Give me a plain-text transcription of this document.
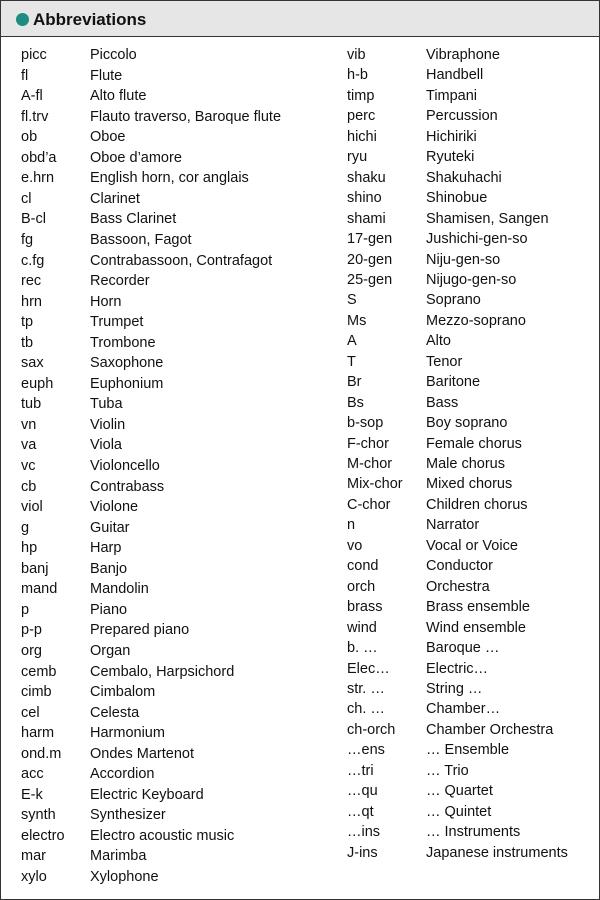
Abbreviations
picc	Piccolo
fl	Flute
A-fl	Alto flute
fl.trv	Flauto traverso, Baroque flute
ob	Oboe
obd’a Oboe d’amore
e.hrn English horn, cor anglais
cl	Clarinet
B-cl	Bass Clarinet
fg	Bassoon, Fagot
c.fg	Contrabassoon, Contrafagot
rec	Recorder
hrn	Horn
tp	Trumpet
tb	Trombone
sax	Saxophone
euph	Euphonium
tub	Tuba
vn	Violin
va	Viola
vc	Violoncello
cb	Contrabass
viol	Violone
g	Guitar
hp	Harp
banj	Banjo
mand Mandolin
p	Piano
p-p	Prepared piano
org	Organ
cemb Cembalo, Harpsichord
cimb	Cimbalom
cel	Celesta
harm Harmonium
ond.m Ondes Martenot
acc	Accordion
E-k	Electric Keyboard
synth Synthesizer
electro Electro acoustic music
mar	Marimba
xylo	Xylophone
vib	Vibraphone
h-b	Handbell
timp	Timpani
perc	Percussion
hichi	Hichiriki
ryu	Ryuteki
shaku	Shakuhachi
shino	Shinobue
shami	Shamisen, Sangen
17-gen Jushichi-gen-so
20-gen Niju-gen-so
25-gen Nijugo-gen-so
S	Soprano
Ms	Mezzo-soprano
A	Alto
T	Tenor
Br	Baritone
Bs	Bass
b-sop	Boy soprano
F-chor	Female chorus
M-chor Male chorus
Mix-chor Mixed chorus
C-chor Children chorus
n	Narrator
vo	Vocal or Voice
cond	Conductor
orch	Orchestra
brass	Brass ensemble
wind	Wind ensemble
b. …	Baroque …
Elec…	Electric…
str. …	String …
ch. …	Chamber…
ch-orch Chamber Orchestra
…ens	… Ensemble
…tri	… Trio
…qu	… Quartet
…qt	… Quintet
…ins	… Instruments
J-ins	Japanese instruments
